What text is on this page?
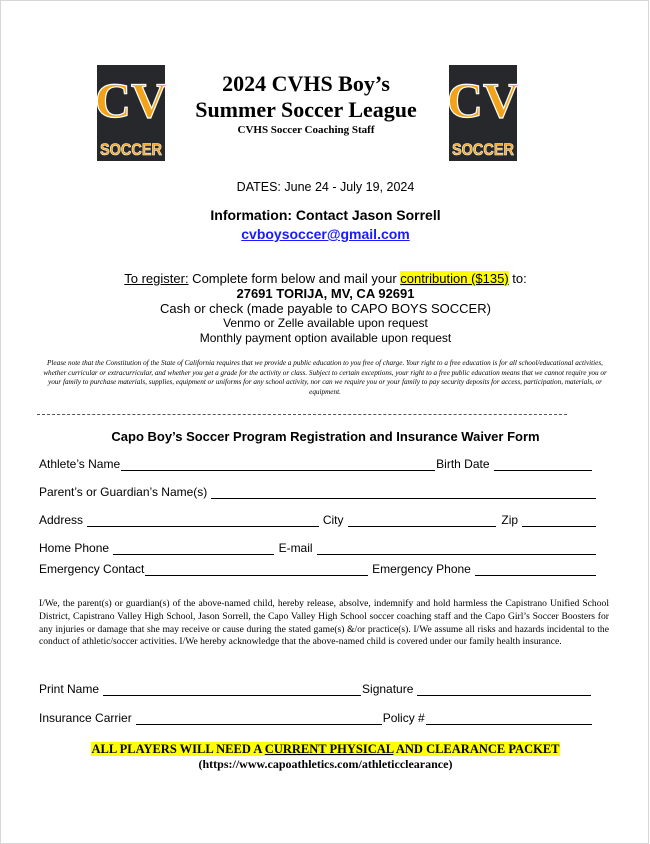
CV
SOCCER
CV
SOCCER
2024 CVHS Boy’s
Summer Soccer League
CVHS Soccer Coaching Staff
DATES: June 24 - July 19, 2024
Information: Contact Jason Sorrell
cvboysoccer@gmail.com
To register: Complete form below and mail your contribution ($135) to:
27691 TORIJA, MV, CA 92691
Cash or check (made payable to CAPO BOYS SOCCER)
Venmo or Zelle available upon request
Monthly payment option available upon request
Please note that the Constitution of the State of California requires that we provide a public education to you free of charge. Your right to a free education is for all school/educational activities, whether curricular or extracurricular, and whether you get a grade for the activity or class. Subject to certain exceptions, your right to a free public education means that we cannot require you or your family to purchase materials, supplies, equipment or uniforms for any school activity, nor can we require you or your family to pay security deposits for access, participation, materials, or equipment.
Capo Boy’s Soccer Program Registration and Insurance Waiver Form
Athlete’s Name	Birth Date
Parent’s or Guardian’s Name(s)
Address	City	Zip
Home Phone	E-mail
Emergency Contact	Emergency Phone
I/We, the parent(s) or guardian(s) of the above-named child, hereby release, absolve, indemnify and hold harmless the Capistrano Unified School District, Capistrano Valley High School, Jason Sorrell, the Capo Valley High School soccer coaching staff and the Capo Girl’s Soccer Boosters for any injuries or damage that she may receive or cause during the stated game(s) &/or practice(s). I/We assume all risks and hazards incidental to the conduct of athletic/soccer activities. I/We hereby acknowledge that the above-named child is covered under our family health insurance.
Print Name	Signature
Insurance Carrier	Policy #
ALL PLAYERS WILL NEED A CURRENT PHYSICAL AND CLEARANCE PACKET
(https://www.capoathletics.com/athleticclearance)
